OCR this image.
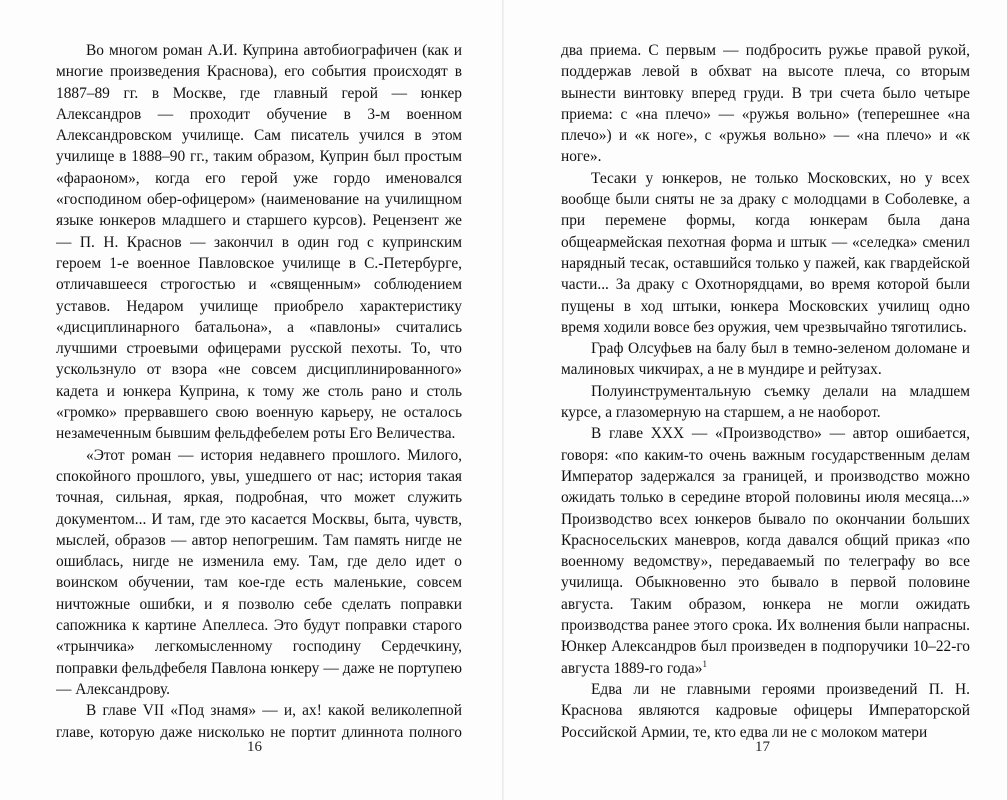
Во многом роман А.И. Куприна автобиографичен (как и многие произведения Краснова), его события происходят в 1887–89 гг. в Москве, где главный герой — юнкер Александров — проходит обучение в 3-м военном Александровском училище. Сам писатель учился в этом училище в 1888–90 гг., таким образом, Куприн был простым «фараоном», когда его герой уже гордо именовался «господином обер-офицером» (наименование на училищном языке юнкеров младшего и старшего курсов). Рецензент же — П. Н. Краснов — закончил в один год с купринским героем 1-е военное Павловское училище в С.-Петербурге, отличавшееся строгостью и «священным» соблюдением уставов. Недаром училище приобрело характеристику «дисциплинарного батальона», а «павлоны» считались лучшими строевыми офицерами русской пехоты. То, что ускользнуло от взора «не совсем дисциплинированного» кадета и юнкера Куприна, к тому же столь рано и столь «громко» прервавшего свою военную карьеру, не осталось незамеченным бывшим фельдфебелем роты Его Величества.

«Этот роман — история недавнего прошлого. Милого, спокойного прошлого, увы, ушедшего от нас; история такая точная, сильная, яркая, подробная, что может служить документом... И там, где это касается Москвы, быта, чувств, мыслей, образов — автор непогрешим. Там память нигде не ошиблась, нигде не изменила ему. Там, где дело идет о воинском обучении, там кое-где есть маленькие, совсем ничтожные ошибки, и я позволю себе сделать поправки сапожника к картине Апеллеса. Это будут поправки старого «трынчика» легкомысленному господину Сердечкину, поправки фельдфебеля Павлона юнкеру — даже не портупею — Александрову.

В главе VII «Под знамя» — и, ах! какой великолепной главе, которую даже нисколько не портит длиннота полного

16

два приема. С первым — подбросить ружье правой рукой, поддержав левой в обхват на высоте плеча, со вторым вынести винтовку вперед груди. В три счета было четыре приема: с «на плечо» — «ружья вольно» (теперешнее «на плечо») и «к ноге», с «ружья вольно» — «на плечо» и «к ноге».

Тесаки у юнкеров, не только Московских, но у всех вообще были сняты не за драку с молодцами в Соболевке, а при перемене формы, когда юнкерам была дана общеармейская пехотная форма и штык — «селедка» сменил нарядный тесак, оставшийся только у пажей, как гвардейской части... За драку с Охотнорядцами, во время которой были пущены в ход штыки, юнкера Московских училищ одно время ходили вовсе без оружия, чем чрезвычайно тяготились.

Граф Олсуфьев на балу был в темно-зеленом доломане и малиновых чикчирах, а не в мундире и рейтузах.

Полуинструментальную съемку делали на младшем курсе, а глазомерную на старшем, а не наоборот.

В главе XXX — «Производство» — автор ошибается, говоря: «по каким-то очень важным государственным делам Император задержался за границей, и производство можно ожидать только в середине второй половины июля месяца...» Производство всех юнкеров бывало по окончании больших Красносельских маневров, когда давался общий приказ «по военному ведомству», передаваемый по телеграфу во все училища. Обыкновенно это бывало в первой половине августа. Таким образом, юнкера не могли ожидать производства ранее этого срока. Их волнения были напрасны. Юнкер Александров был произведен в подпоручики 10–22-го августа 1889-го года»$^1$

Едва ли не главными героями произведений П. Н. Краснова являются кадровые офицеры Императорской Российской Армии, те, кто едва ли не с молоком матери

17
